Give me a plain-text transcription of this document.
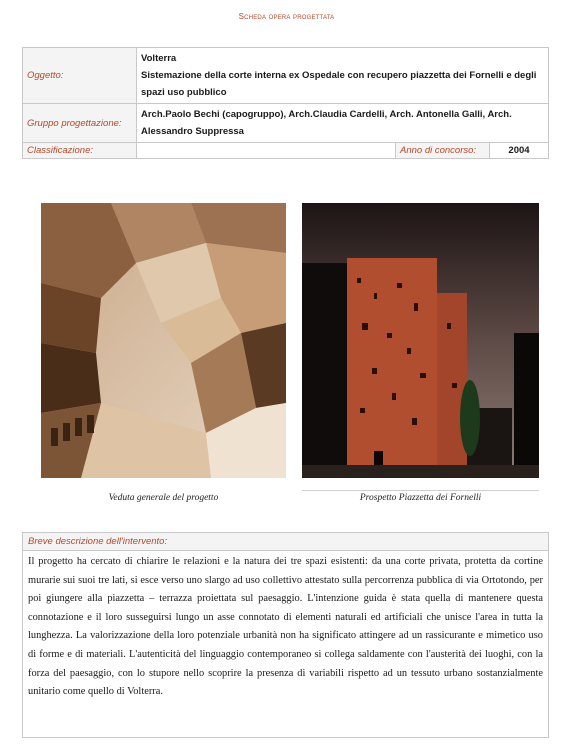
Scheda opera progettata
Oggetto:	Volterra
Sistemazione della corte interna ex Ospedale con recupero piazzetta dei Fornelli e degli spazi uso pubblico		

Gruppo progettazione:	Arch.Paolo Bechi (capogruppo), Arch.Claudia Cardelli, Arch. Antonella Galli, Arch. Alessandro Suppressa		
Classificazione:		Anno di concorso:	2004
Veduta generale del progetto	Prospetto Piazzetta dei Fornelli
Breve descrizione dell'intervento:
Il progetto ha cercato di chiarire le relazioni e la natura dei tre spazi esistenti: da una corte privata, protetta da cortine murarie sui suoi tre lati, si esce verso uno slargo ad uso collettivo attestato sulla percorrenza pubblica di via Ortotondo, per poi giungere alla piazzetta – terrazza proiettata sul paesaggio. L'intenzione guida è stata quella di mantenere questa connotazione e il loro susseguirsi lungo un asse connotato di elementi naturali ed artificiali che unisce l'area in tutta la lunghezza. La valorizzazione della loro potenziale urbanità non ha significato attingere ad un rassicurante e mimetico uso di forme e di materiali. L'autenticità del linguaggio contemporaneo si collega saldamente con l'austerità dei luoghi, con la forza del paesaggio, con lo stupore nello scoprire la presenza di variabili rispetto ad un tessuto urbano sostanzialmente unitario come quello di Volterra.
